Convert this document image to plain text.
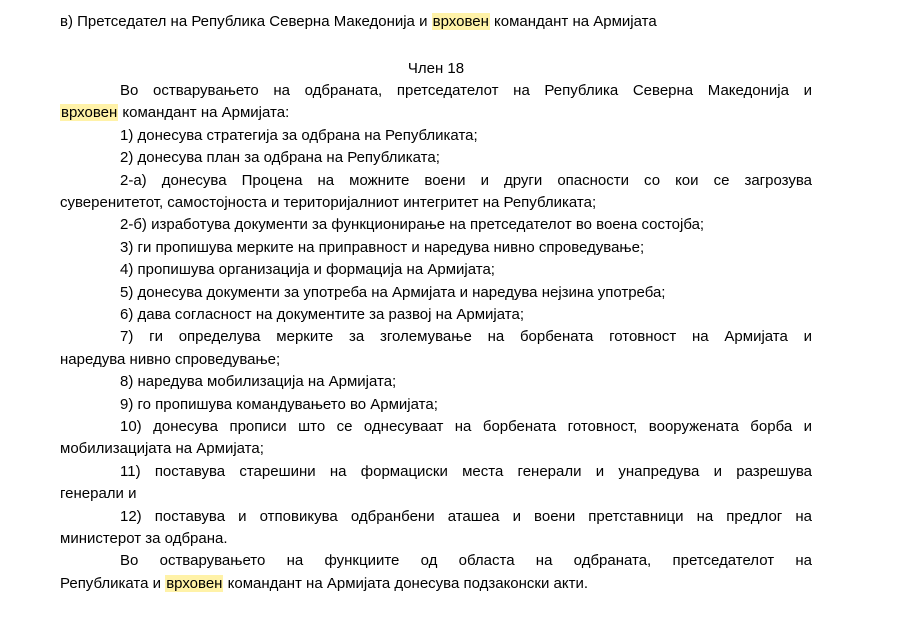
в) Претседател на Република Северна Македонија и врховен командант на Армијата
Член 18
Во остварувањето на одбраната, претседателот на Република Северна Македонија и
врховен командант на Армијата:
1) донесува стратегија за одбрана на Републиката;
2) донесува план за одбрана на Републиката;
2-а) донесува Процена на можните воени и други опасности со кои се загрозува
суверенитетот, самостојноста и територијалниот интегритет на Републиката;
2-б) изработува документи за функционирање на претседателот во воена состојба;
3) ги пропишува мерките на приправност и наредува нивно спроведување;
4) пропишува организација и формација на Армијата;
5) донесува документи за употреба на Армијата и наредува нејзина употреба;
6) дава согласност на документите за развој на Армијата;
7) ги определува мерките за зголемување на борбената готовност на Армијата и
наредува нивно спроведување;
8) наредува мобилизација на Армијата;
9) го пропишува командувањето во Армијата;
10) донесува прописи што се однесуваат на борбената готовност, вооружената борба и
мобилизацијата на Армијата;
11) поставува старешини на формациски места генерали и унапредува и разрешува
генерали и
12) поставува и отповикува одбранбени аташеа и воени претставници на предлог на
министерот за одбрана.
Во остварувањето на функциите од областа на одбраната, претседателот на
Републиката и врховен командант на Армијата донесува подзаконски акти.
